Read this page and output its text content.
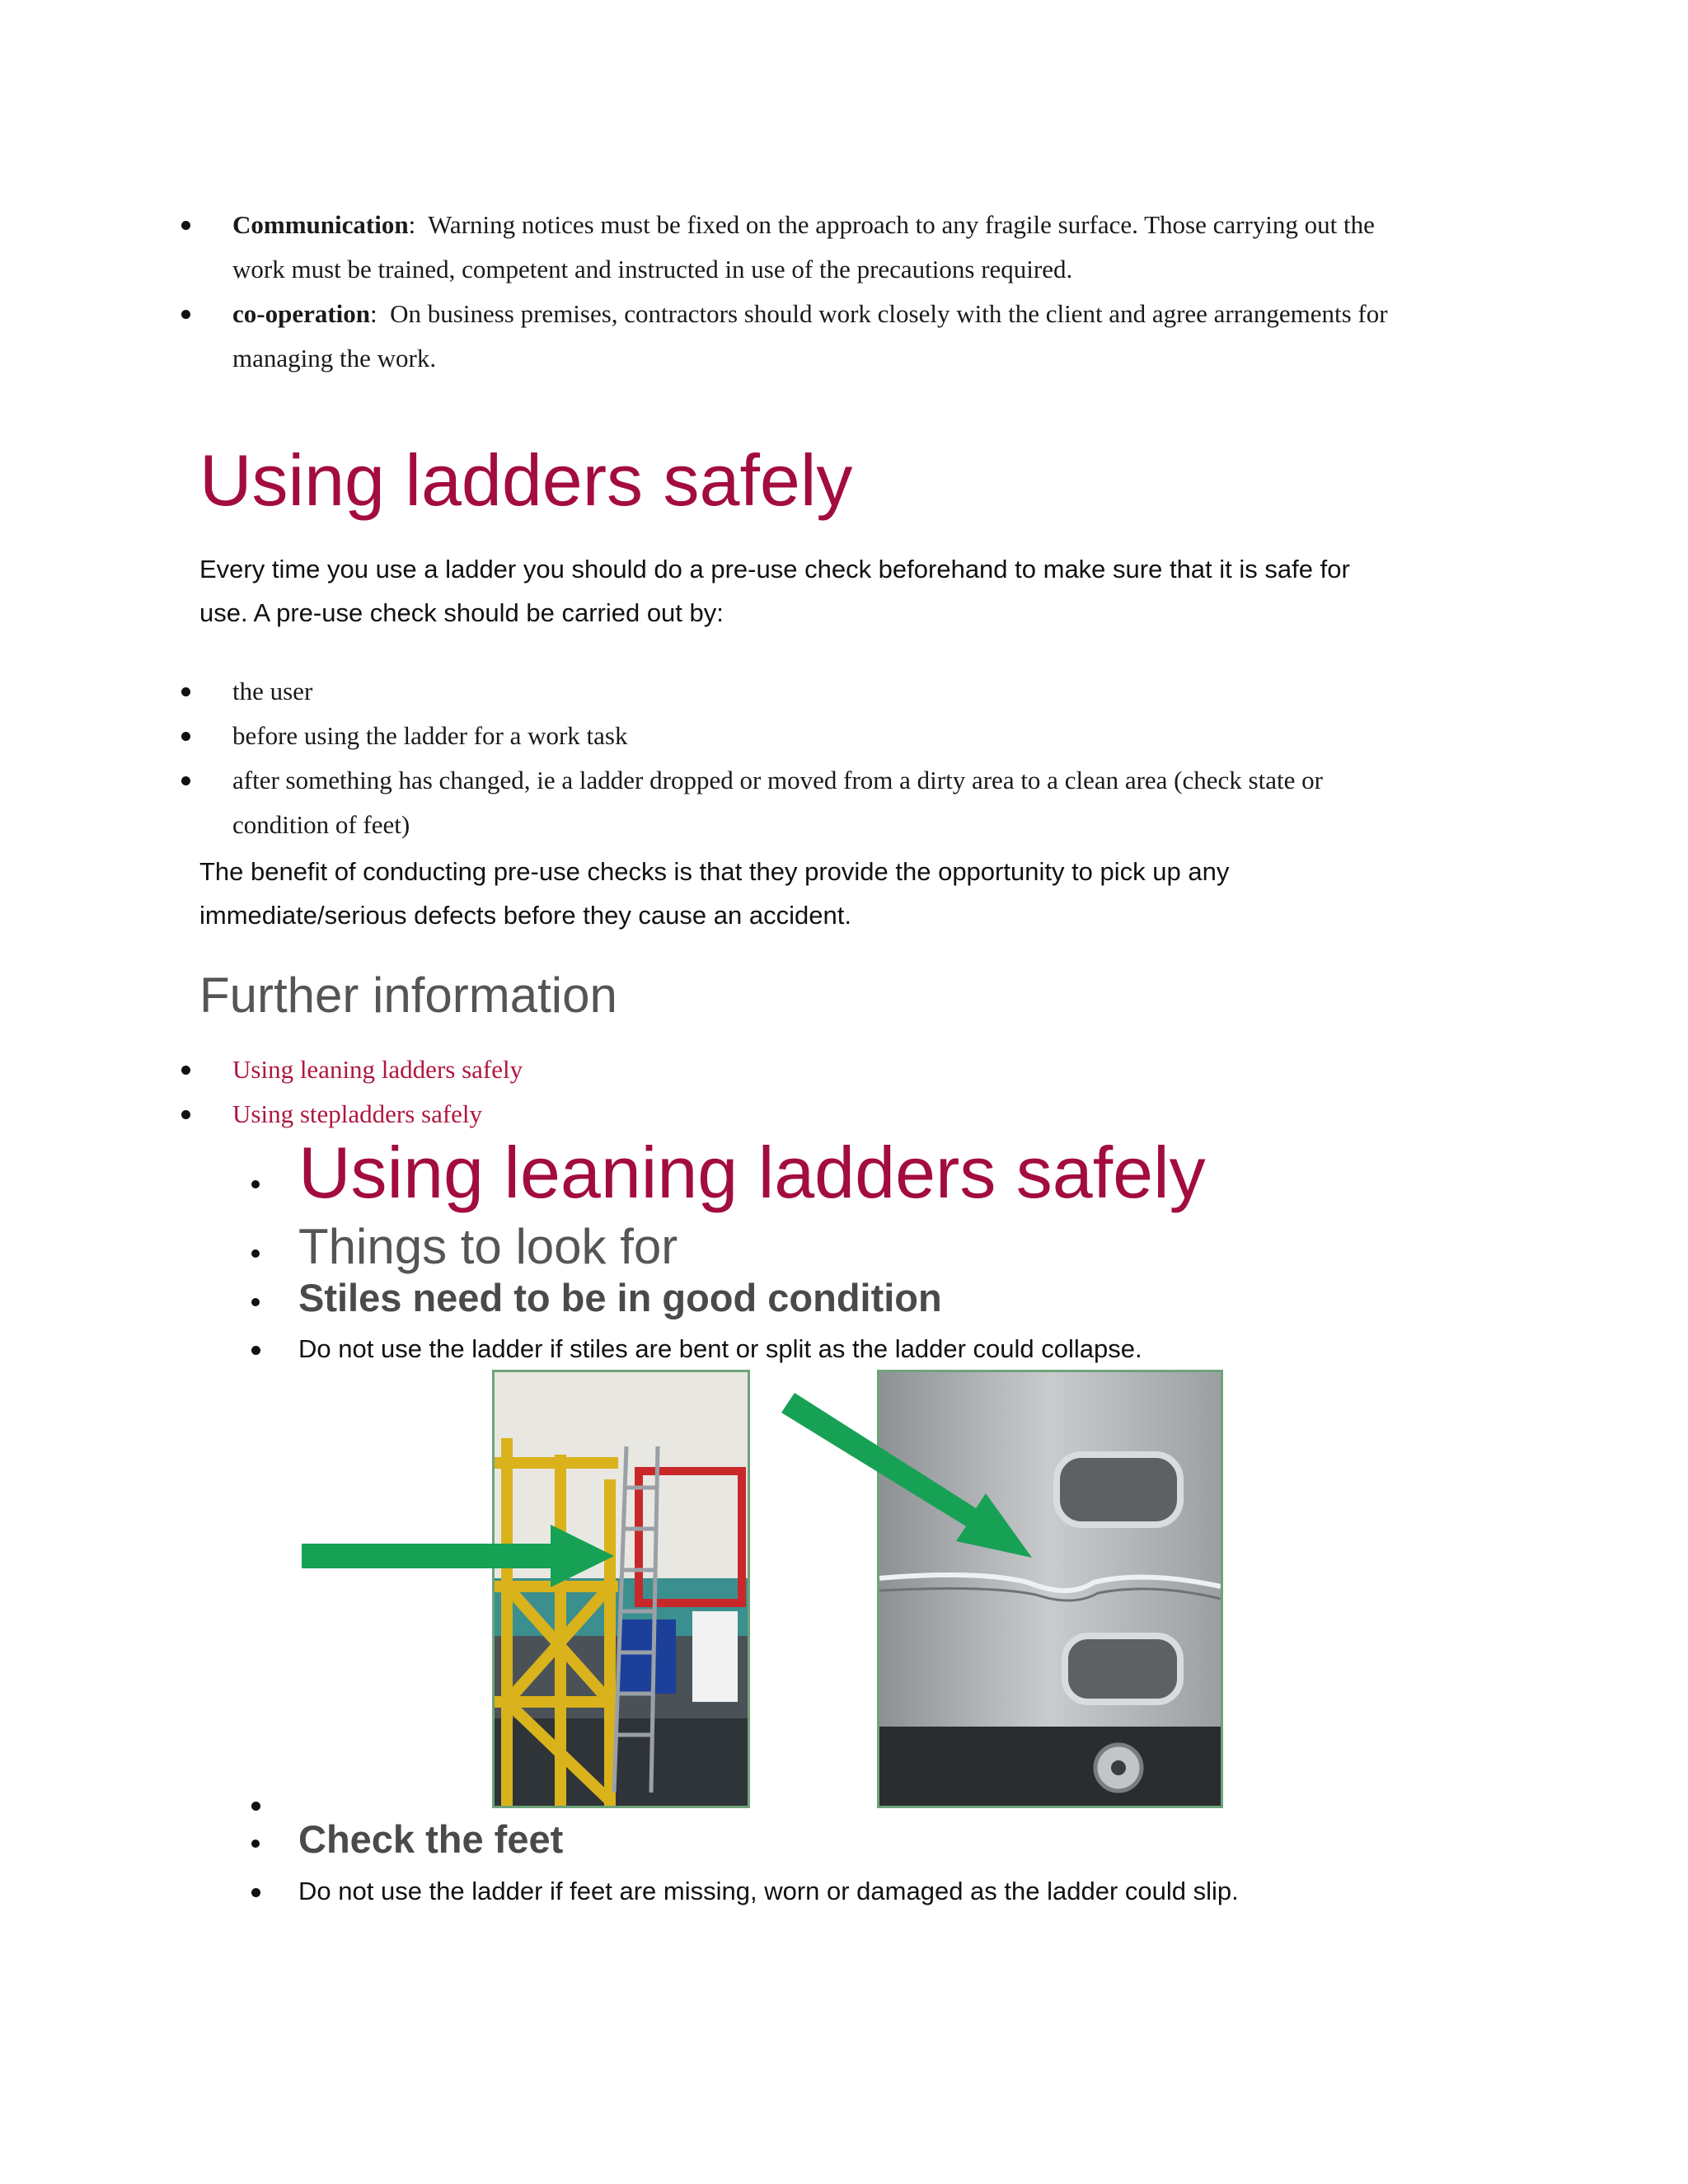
Communication: Warning notices must be fixed on the approach to any fragile surface. Those carrying out the
work must be trained, competent and instructed in use of the precautions required.
co-operation: On business premises, contractors should work closely with the client and agree arrangements for
managing the work.
Using ladders safely
Every time you use a ladder you should do a pre-use check beforehand to make sure that it is safe for
use. A pre-use check should be carried out by:
the user
before using the ladder for a work task
after something has changed, ie a ladder dropped or moved from a dirty area to a clean area (check state or
condition of feet)
The benefit of conducting pre-use checks is that they provide the opportunity to pick up any
immediate/serious defects before they cause an accident.
Further information
Using leaning ladders safely
Using stepladders safely
Using leaning ladders safely
Things to look for
Stiles need to be in good condition
Do not use the ladder if stiles are bent or split as the ladder could collapse.
Check the feet
Do not use the ladder if feet are missing, worn or damaged as the ladder could slip.
